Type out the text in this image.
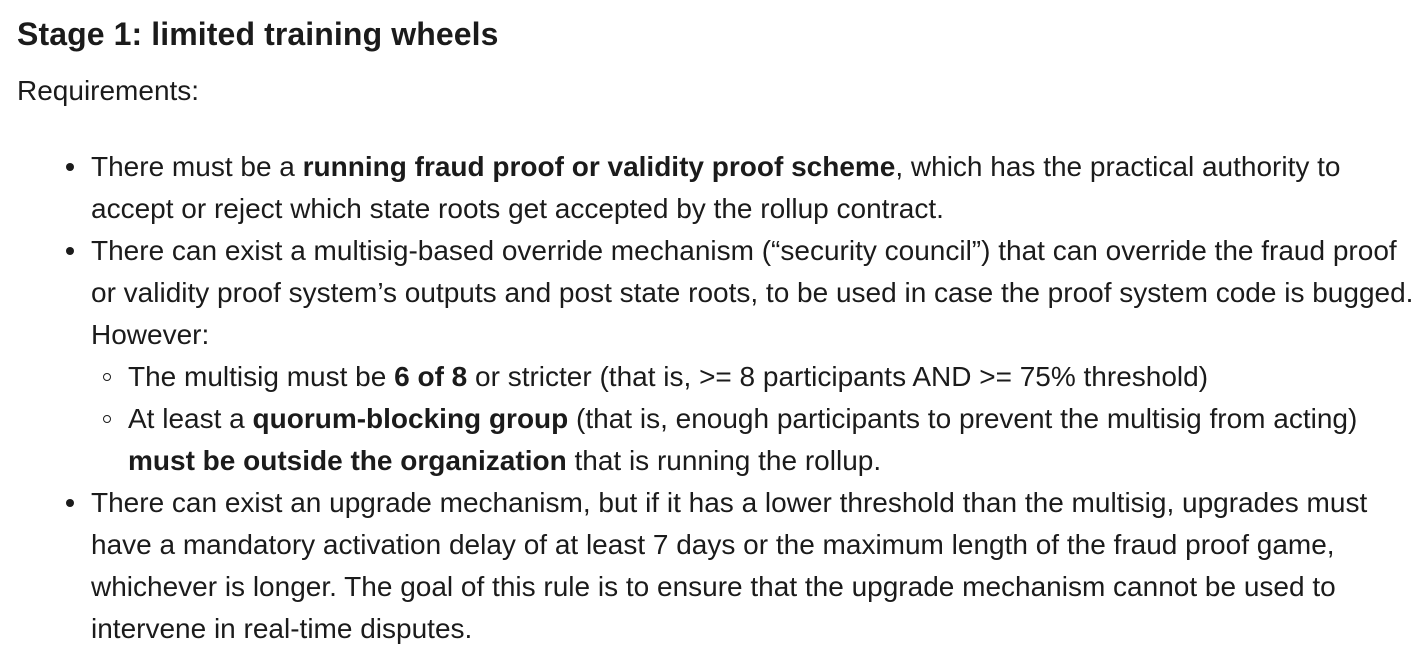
Stage 1: limited training wheels

Requirements:

There must be a running fraud proof or validity proof scheme, which has the practical authority to accept or reject which state roots get accepted by the rollup contract.
There can exist a multisig-based override mechanism (“security council”) that can override the fraud proof or validity proof system’s outputs and post state roots, to be used in case the proof system code is bugged. However:
The multisig must be 6 of 8 or stricter (that is, >= 8 participants AND >= 75% threshold)
At least a quorum-blocking group (that is, enough participants to prevent the multisig from acting) must be outside the organization that is running the rollup.
There can exist an upgrade mechanism, but if it has a lower threshold than the multisig, upgrades must have a mandatory activation delay of at least 7 days or the maximum length of the fraud proof game, whichever is longer. The goal of this rule is to ensure that the upgrade mechanism cannot be used to intervene in real-time disputes.
